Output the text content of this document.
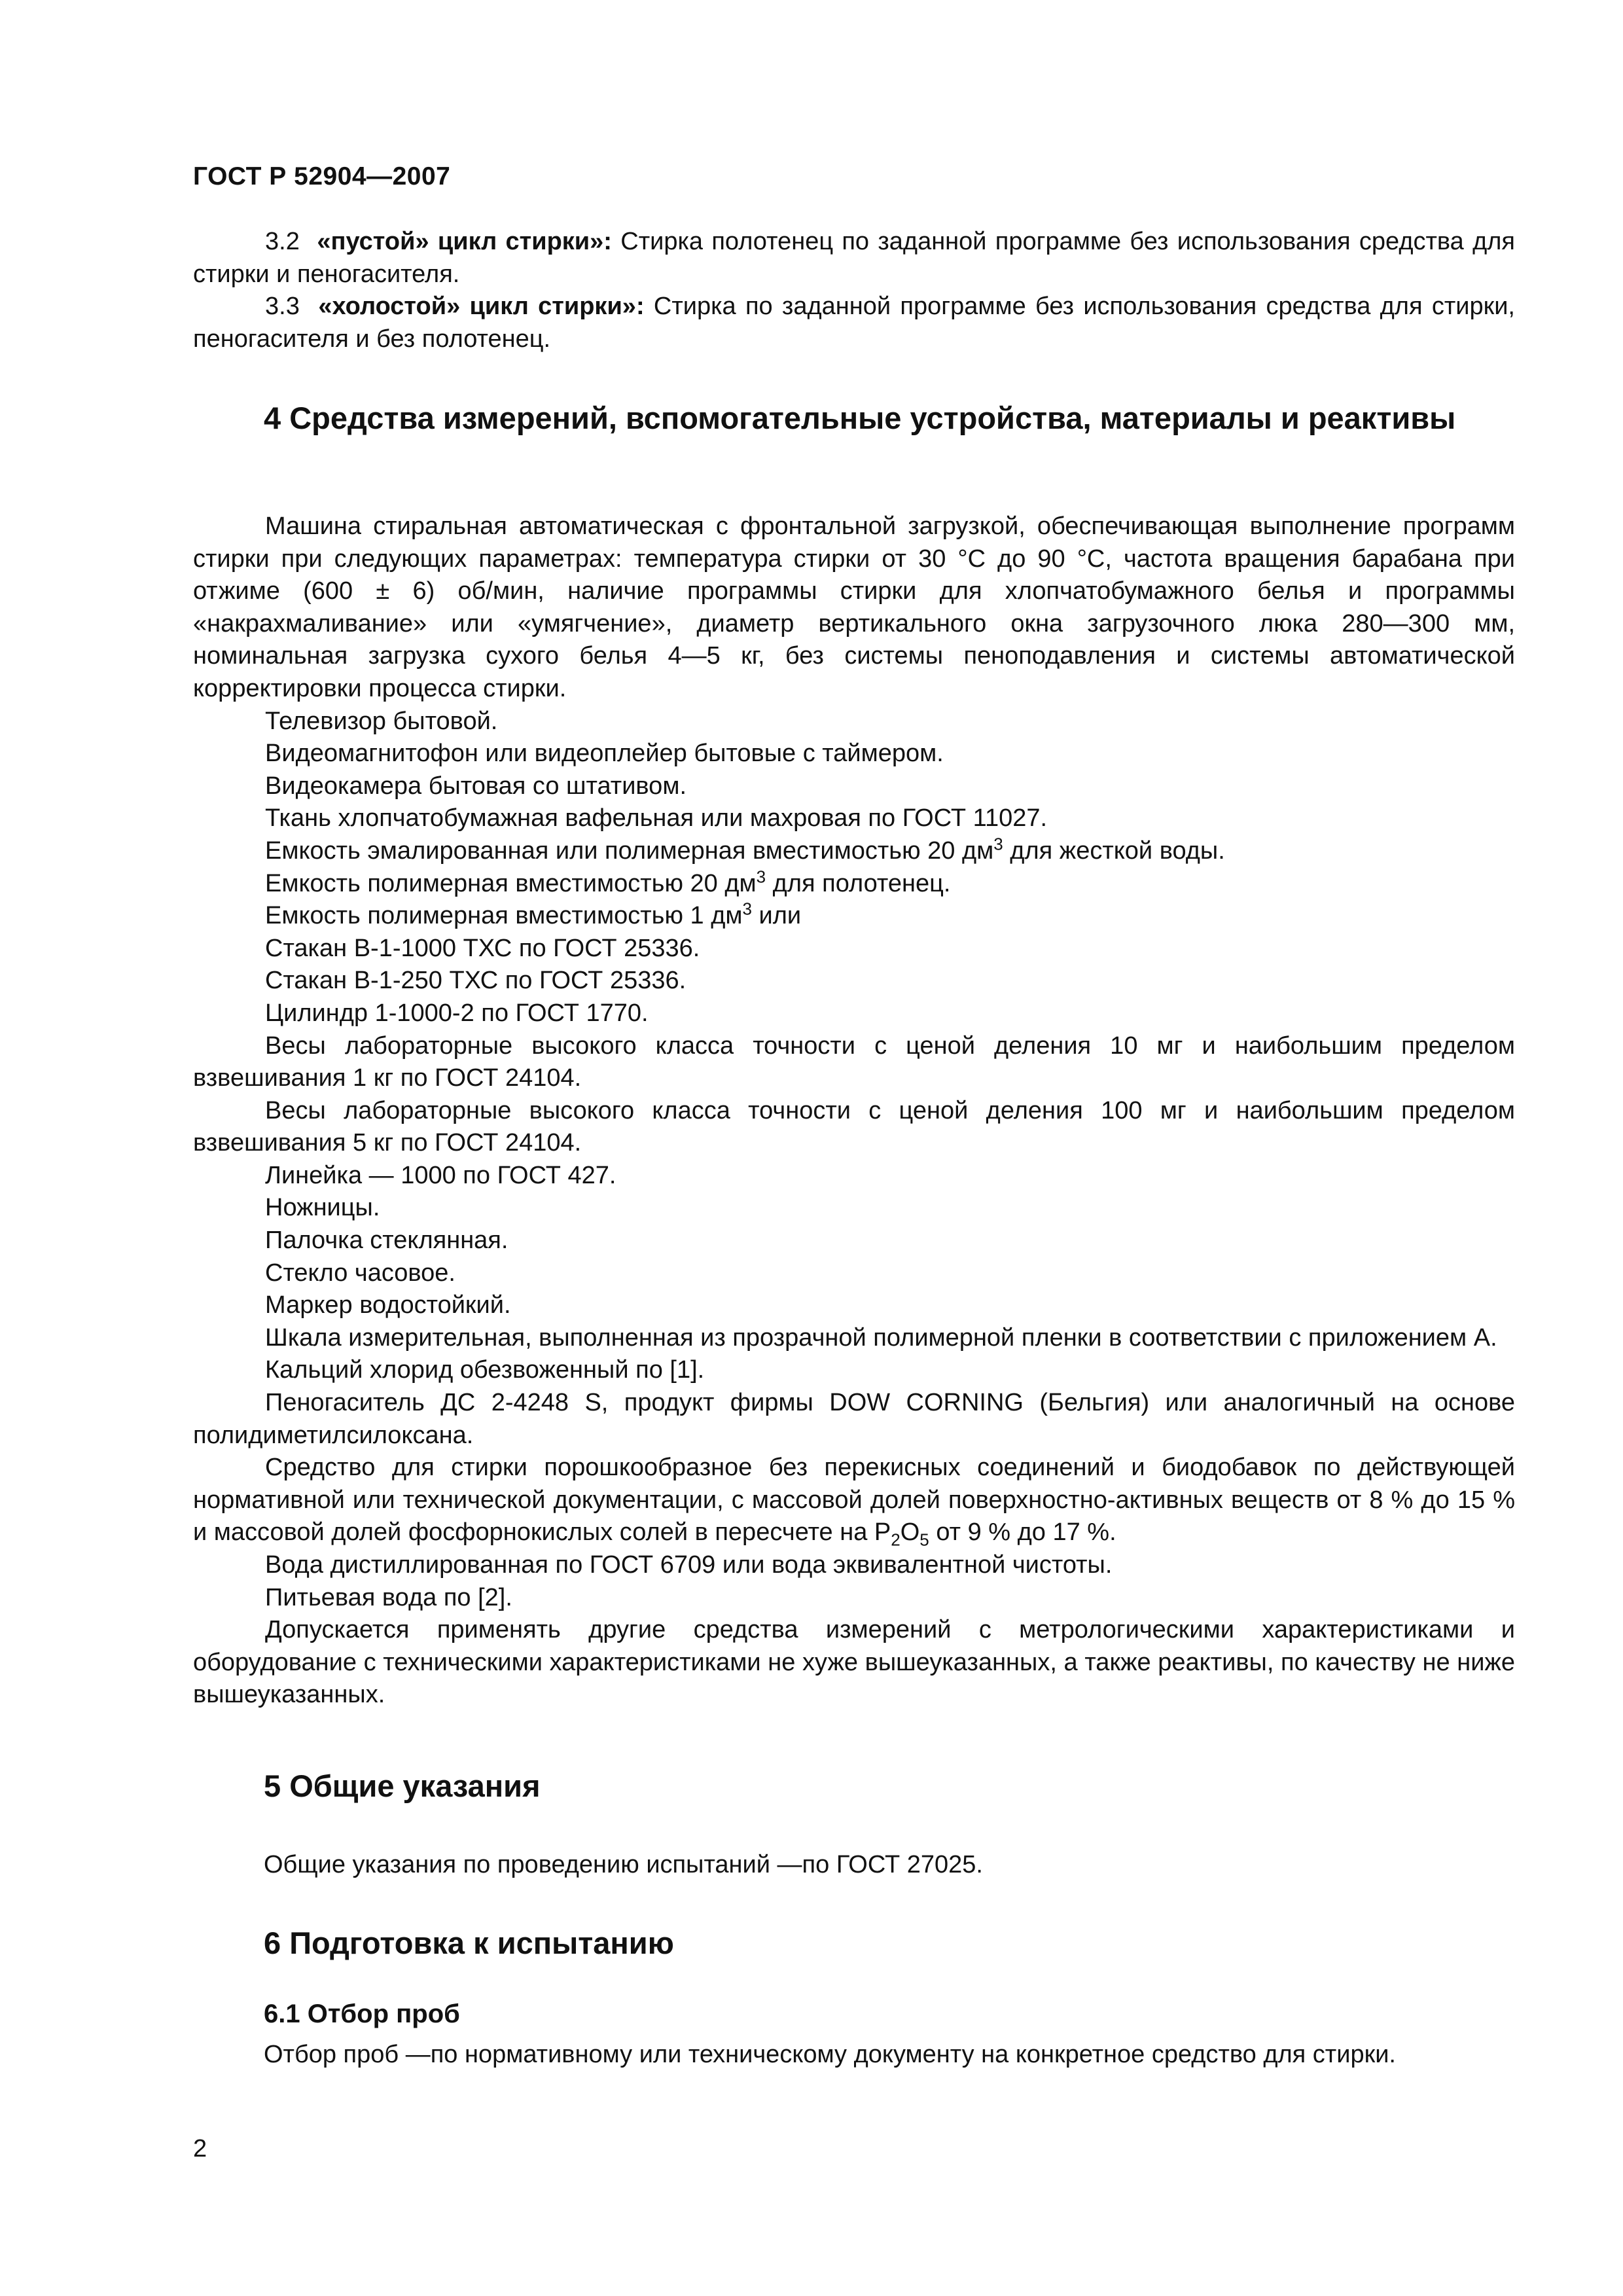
ГОСТ Р 52904—2007

3.2 «пустой» цикл стирки»: Стирка полотенец по заданной программе без использования средства для стирки и пеногасителя.

3.3 «холостой» цикл стирки»: Стирка по заданной программе без использования средства для стирки, пеногасителя и без полотенец.

4 Средства измерений, вспомогательные устройства, материалы и реактивы

Машина стиральная автоматическая с фронтальной загрузкой, обеспечивающая выполнение программ стирки при следующих параметрах: температура стирки от 30 °С до 90 °С, частота вращения барабана при отжиме (600 ± 6) об/мин, наличие программы стирки для хлопчатобумажного белья и программы «накрахмаливание» или «умягчение», диаметр вертикального окна загрузочного люка 280—300 мм, номинальная загрузка сухого белья 4—5 кг, без системы пеноподавления и системы автоматической корректировки процесса стирки.

Телевизор бытовой.

Видеомагнитофон или видеоплейер бытовые с таймером.

Видеокамера бытовая со штативом.

Ткань хлопчатобумажная вафельная или махровая по ГОСТ 11027.

Емкость эмалированная или полимерная вместимостью 20 $дм^3$ для жесткой воды.

Емкость полимерная вместимостью 20 $дм^3$ для полотенец.

Емкость полимерная вместимостью 1 $дм^3$ или

Стакан В-1-1000 ТХС по ГОСТ 25336.

Стакан В-1-250 ТХС по ГОСТ 25336.

Цилиндр 1-1000-2 по ГОСТ 1770.

Весы лабораторные высокого класса точности с ценой деления 10 мг и наибольшим пределом взвешивания 1 кг по ГОСТ 24104.

Весы лабораторные высокого класса точности с ценой деления 100 мг и наибольшим пределом взвешивания 5 кг по ГОСТ 24104.

Линейка — 1000 по ГОСТ 427.

Ножницы.

Палочка стеклянная.

Стекло часовое.

Маркер водостойкий.

Шкала измерительная, выполненная из прозрачной полимерной пленки в соответствии с приложением А.

Кальций хлорид обезвоженный по [1].

Пеногаситель ДС 2-4248 S, продукт фирмы DOW CORNING (Бельгия) или аналогичный на основе полидиметилсилоксана.

Средство для стирки порошкообразное без перекисных соединений и биодобавок по действующей нормативной или технической документации, с массовой долей поверхностно-активных веществ от 8 % до 15 % и массовой долей фосфорнокислых солей в пересчете на $P_2O_5$ от 9 % до 17 %.

Вода дистиллированная по ГОСТ 6709 или вода эквивалентной чистоты.

Питьевая вода по [2].

Допускается применять другие средства измерений с метрологическими характеристиками и оборудование с техническими характеристиками не хуже вышеуказанных, а также реактивы, по качеству не ниже вышеуказанных.

5 Общие указания
Общие указания по проведению испытаний —по ГОСТ 27025.
6 Подготовка к испытанию
6.1 Отбор проб
Отбор проб —по нормативному или техническому документу на конкретное средство для стирки.
2
